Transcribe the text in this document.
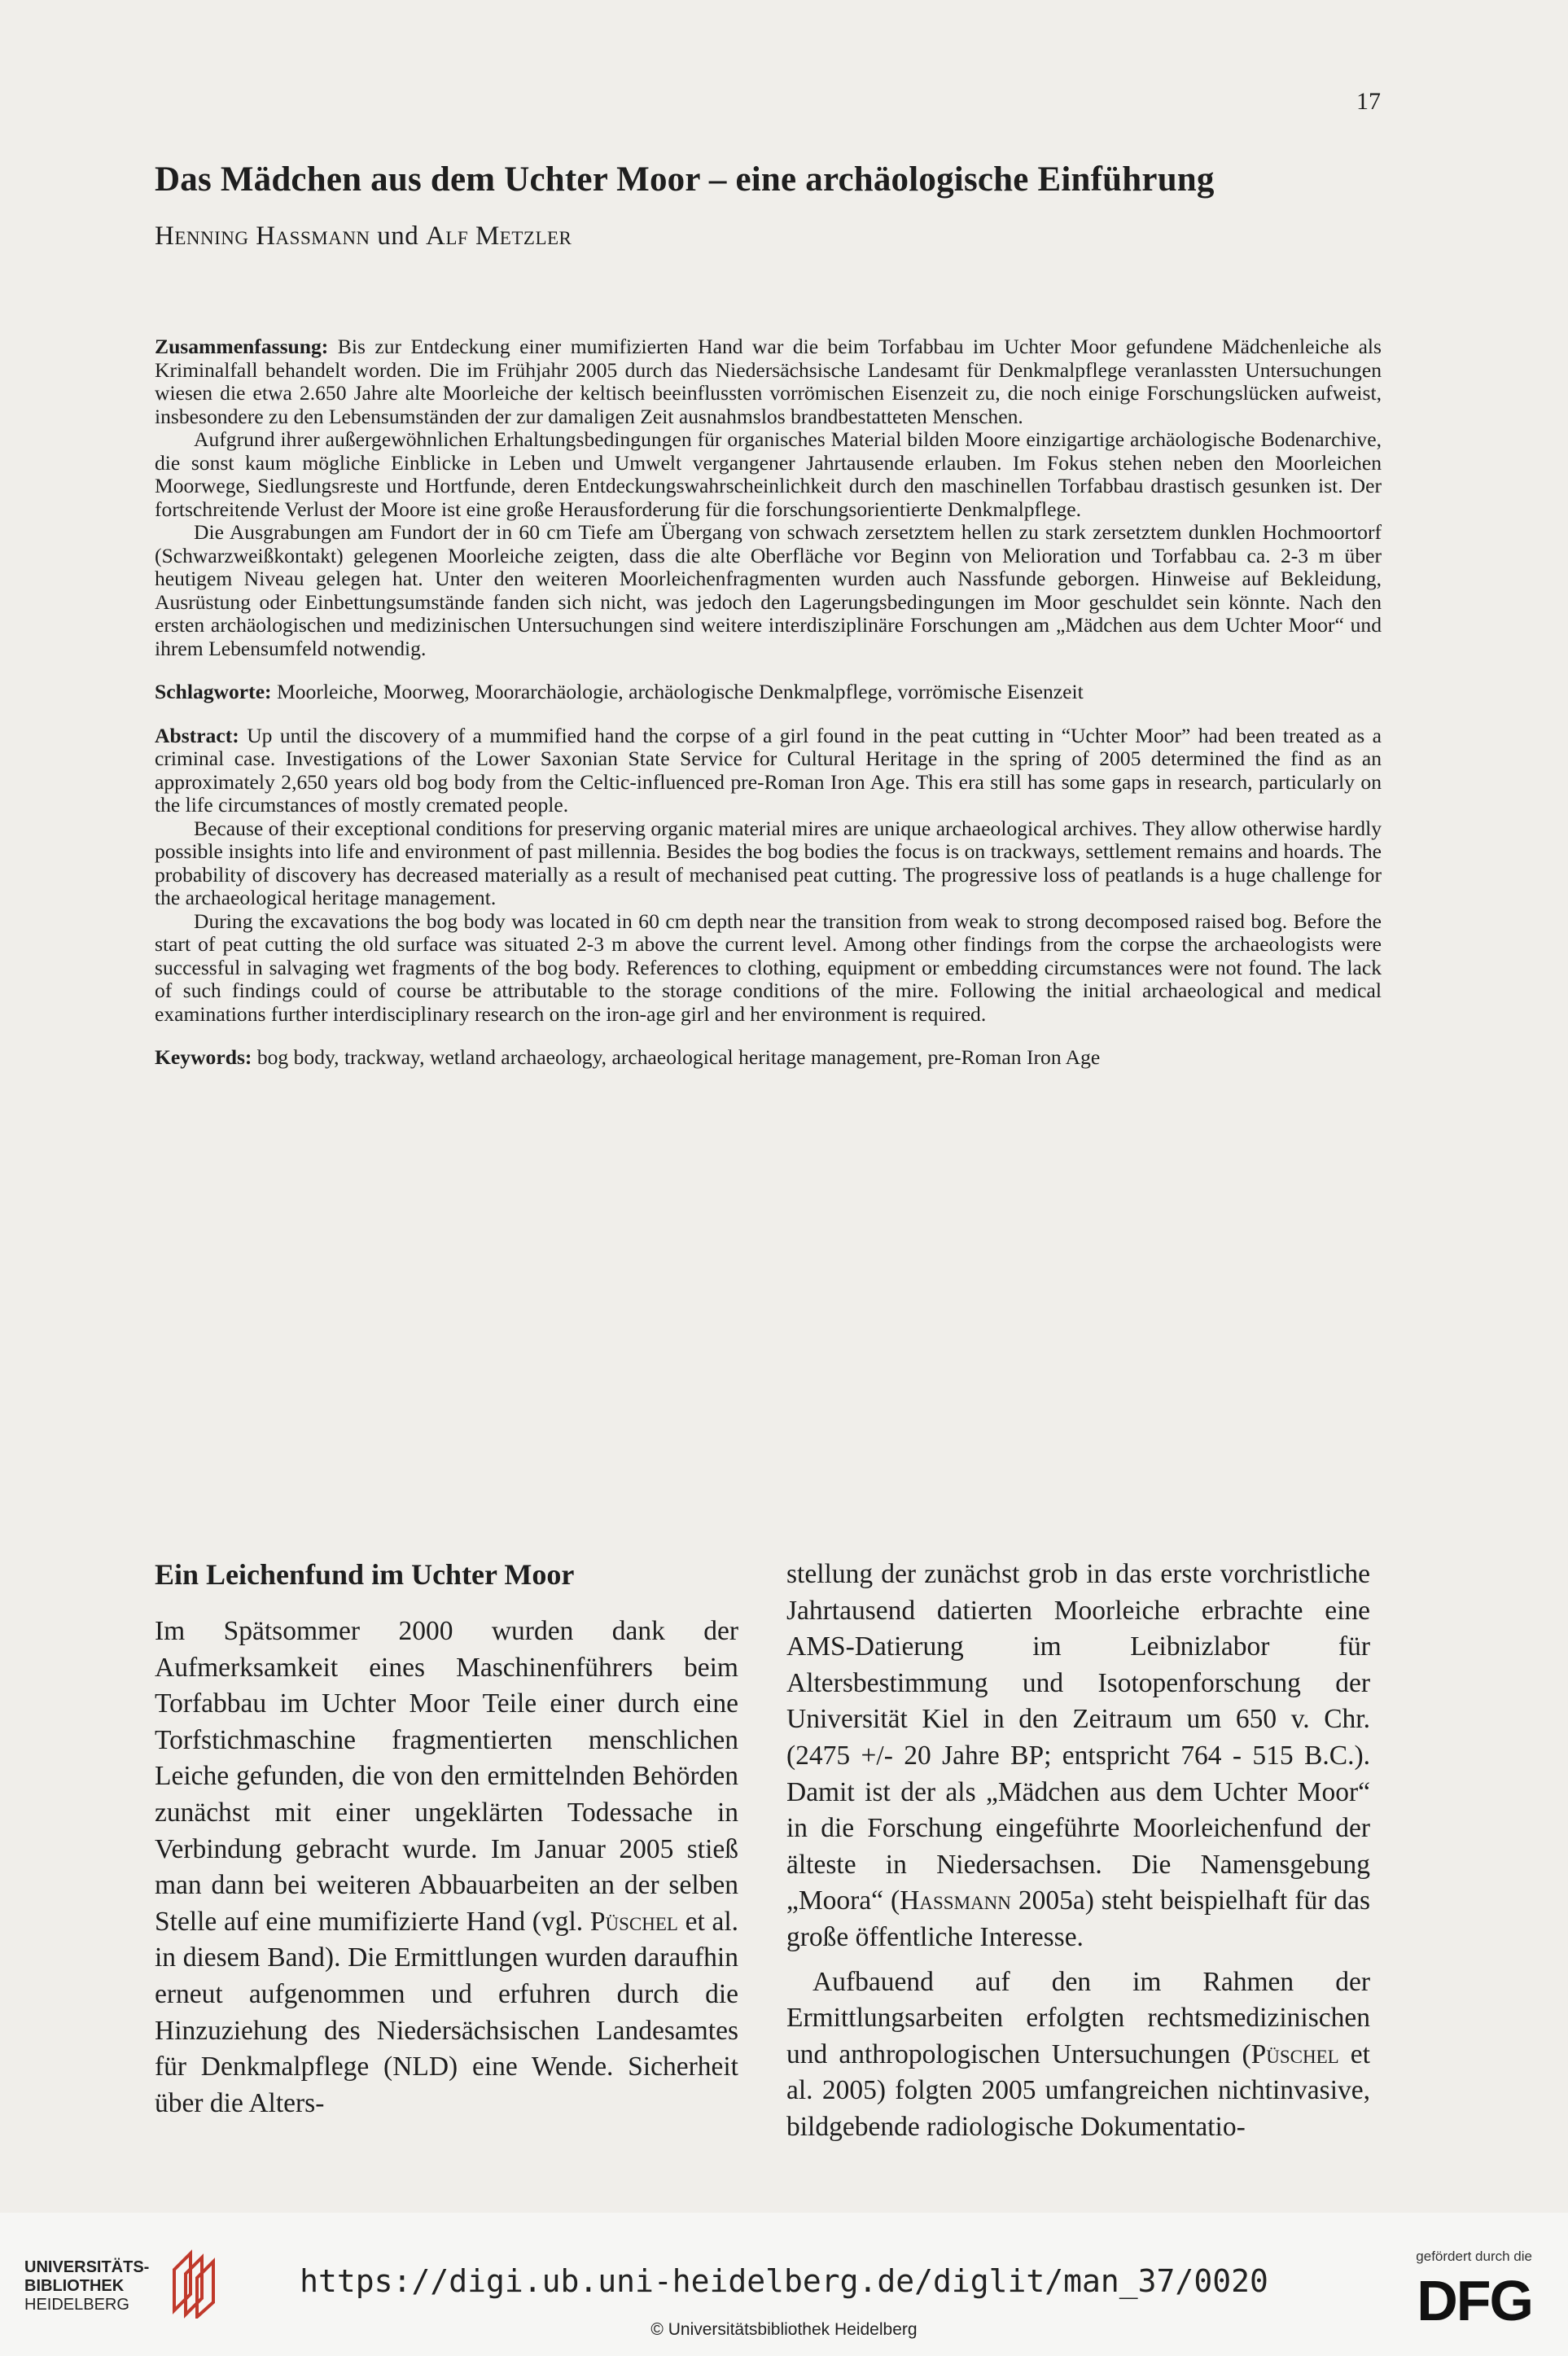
17
Das Mädchen aus dem Uchter Moor – eine archäologische Einführung
Henning Hassmann und Alf Metzler

Zusammenfassung: Bis zur Entdeckung einer mumifizierten Hand war die beim Torfabbau im Uchter Moor gefundene Mädchenleiche als Kriminalfall behandelt worden. Die im Frühjahr 2005 durch das Niedersächsische Landesamt für Denkmalpflege veranlassten Untersuchungen wiesen die etwa 2.650 Jahre alte Moorleiche der keltisch beeinflussten vorrömischen Eisenzeit zu, die noch einige Forschungslücken aufweist, insbesondere zu den Lebensumständen der zur damaligen Zeit ausnahmslos brandbestatteten Menschen.

Aufgrund ihrer außergewöhnlichen Erhaltungsbedingungen für organisches Material bilden Moore einzigartige archäologische Bodenarchive, die sonst kaum mögliche Einblicke in Leben und Umwelt vergangener Jahrtausende erlauben. Im Fokus stehen neben den Moorleichen Moorwege, Siedlungsreste und Hortfunde, deren Entdeckungswahrscheinlichkeit durch den maschinellen Torfabbau drastisch gesunken ist. Der fortschreitende Verlust der Moore ist eine große Herausforderung für die forschungsorientierte Denkmalpflege.

Die Ausgrabungen am Fundort der in 60 cm Tiefe am Übergang von schwach zersetztem hellen zu stark zersetztem dunklen Hochmoortorf (Schwarzweißkontakt) gelegenen Moorleiche zeigten, dass die alte Oberfläche vor Beginn von Melioration und Torfabbau ca. 2-3 m über heutigem Niveau gelegen hat. Unter den weiteren Moorleichenfragmenten wurden auch Nassfunde geborgen. Hinweise auf Bekleidung, Ausrüstung oder Einbettungsumstände fanden sich nicht, was jedoch den Lagerungsbedingungen im Moor geschuldet sein könnte. Nach den ersten archäologischen und medizinischen Untersuchungen sind weitere interdisziplinäre Forschungen am „Mädchen aus dem Uchter Moor“ und ihrem Lebensumfeld notwendig.

Schlagworte: Moorleiche, Moorweg, Moorarchäologie, archäologische Denkmalpflege, vorrömische Eisenzeit

Abstract: Up until the discovery of a mummified hand the corpse of a girl found in the peat cutting in “Uchter Moor” had been treated as a criminal case. Investigations of the Lower Saxonian State Service for Cultural Heritage in the spring of 2005 determined the find as an approximately 2,650 years old bog body from the Celtic-influenced pre-Roman Iron Age. This era still has some gaps in research, particularly on the life circumstances of mostly cremated people.

Because of their exceptional conditions for preserving organic material mires are unique archaeological archives. They allow otherwise hardly possible insights into life and environment of past millennia. Besides the bog bodies the focus is on trackways, settlement remains and hoards. The probability of discovery has decreased materially as a result of mechanised peat cutting. The progressive loss of peatlands is a huge challenge for the archaeological heritage management.

During the excavations the bog body was located in 60 cm depth near the transition from weak to strong decomposed raised bog. Before the start of peat cutting the old surface was situated 2-3 m above the current level. Among other findings from the corpse the archaeologists were successful in salvaging wet fragments of the bog body. References to clothing, equipment or embedding circumstances were not found. The lack of such findings could of course be attributable to the storage conditions of the mire. Following the initial archaeological and medical examinations further interdisciplinary research on the iron-age girl and her environment is required.

Keywords: bog body, trackway, wetland archaeology, archaeological heritage management, pre-Roman Iron Age

Ein Leichenfund im Uchter Moor

Im Spätsommer 2000 wurden dank der Aufmerksamkeit eines Maschinenführers beim Torfabbau im Uchter Moor Teile einer durch eine Torfstichmaschine fragmentierten menschlichen Leiche gefunden, die von den ermittelnden Behörden zunächst mit einer ungeklärten Todessache in Verbindung gebracht wurde. Im Januar 2005 stieß man dann bei weiteren Abbauarbeiten an der selben Stelle auf eine mumifizierte Hand (vgl. Püschel et al. in diesem Band). Die Ermittlungen wurden daraufhin erneut aufgenommen und erfuhren durch die Hinzuziehung des Niedersächsischen Landesamtes für Denkmalpflege (NLD) eine Wende. Sicherheit über die Alters-

stellung der zunächst grob in das erste vorchristliche Jahrtausend datierten Moorleiche erbrachte eine AMS-Datierung im Leibnizlabor für Altersbestimmung und Isotopenforschung der Universität Kiel in den Zeitraum um 650 v. Chr. (2475 +/- 20 Jahre BP; entspricht 764 - 515 B.C.). Damit ist der als „Mädchen aus dem Uchter Moor“ in die Forschung eingeführte Moorleichenfund der älteste in Niedersachsen. Die Namensgebung „Moora“ (Hassmann 2005a) steht beispielhaft für das große öffentliche Interesse.

Aufbauend auf den im Rahmen der Ermittlungsarbeiten erfolgten rechtsmedizinischen und anthropologischen Untersuchungen (Püschel et al. 2005) folgten 2005 umfangreichen nichtinvasive, bildgebende radiologische Dokumentatio-

UNIVERSITÄTS-
BIBLIOTHEK
HEIDELBERG
https://digi.ub.uni-heidelberg.de/diglit/man_37/0020
© Universitätsbibliothek Heidelberg
gefördert durch die
DFG
